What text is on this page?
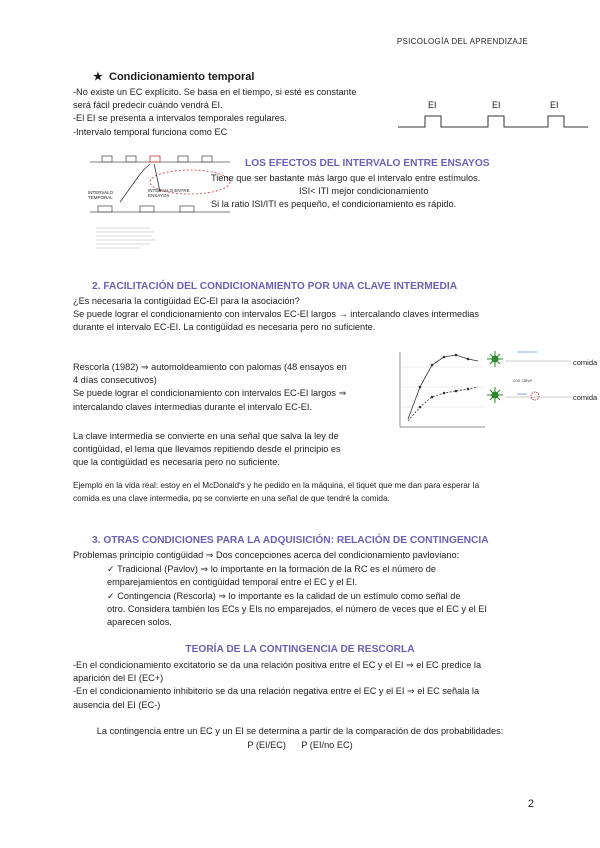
PSICOLOGÍA DEL APRENDIZAJE
★ Condicionamiento temporal
-No existe un EC explícito. Se basa en el tiempo, si esté es constante
será fácil predecir cuándo vendrá EI.
-El EI se presenta a intervalos temporales regulares.
-Intervalo temporal funciona como EC
EI	EI	EI
INTERVALO TEMPORAL
INTERVALO ENTRE ENSAYOS
LOS EFECTOS DEL INTERVALO ENTRE ENSAYOS
Tiene que ser bastante más largo que el intervalo entre estímulos.
ISI< ITI mejor condicionamiento
Si la ratio ISI/ITI es pequeño, el condicionamiento es rápido.
2. FACILITACIÓN DEL CONDICIONAMIENTO POR UNA CLAVE INTERMEDIA
¿Es necesaria la contigüidad EC-EI para la asociación?
Se puede lograr el condicionamiento con intervalos EC-EI largos → intercalando claves intermedias
durante el intervalo EC-EI. La contigüidad es necesaria pero no suficiente.
Rescorla (1982) ⇒ automoldeamiento con palomas (48 ensayos en
4 días consecutivos)
Se puede lograr el condicionamiento con intervalos EC-EI largos ⇒
intercalando claves intermedias durante el intervalo EC-EI.
La clave intermedia se convierte en una señal que salva la ley de
contigüidad, el lema que llevamos repitiendo desde el principio es
que la contigüidad es necesaria pero no suficiente.
con clave
comida
comida
Ejemplo en la vida real: estoy en el McDonald's y he pedido en la máquina, el tiquet que me dan para esperar la
comida es una clave intermedia, pq se convierte en una señal de que tendré la comida.
3. OTRAS CONDICIONES PARA LA ADQUISICIÓN: RELACIÓN DE CONTINGENCIA
Problemas principio contigüidad ⇒ Dos concepciones acerca del condicionamiento pavloviano:
✓ Tradicional (Pavlov) ⇒ lo importante en la formación de la RC es el número de
emparejamientos en contigüidad temporal entre el EC y el EI.
✓ Contingencia (Rescorla) ⇒ lo importante es la calidad de un estímulo como señal de
otro. Considera también los ECs y EIs no emparejados, el número de veces que el EC y el EI
aparecen solos.
TEORÍA DE LA CONTINGENCIA DE RESCORLA
-En el condicionamiento excitatorio se da una relación positiva entre el EC y el EI ⇒ el EC predice la
aparición del EI (EC+)
-En el condicionamiento inhibitorio se da una relación negativa entre el EC y el EI ⇒ el EC señala la
ausencia del EI (EC-)
La contingencia entre un EC y un EI se determina a partir de la comparación de dos probabilidades:
P (EI/EC)      P (EI/no EC)
2
